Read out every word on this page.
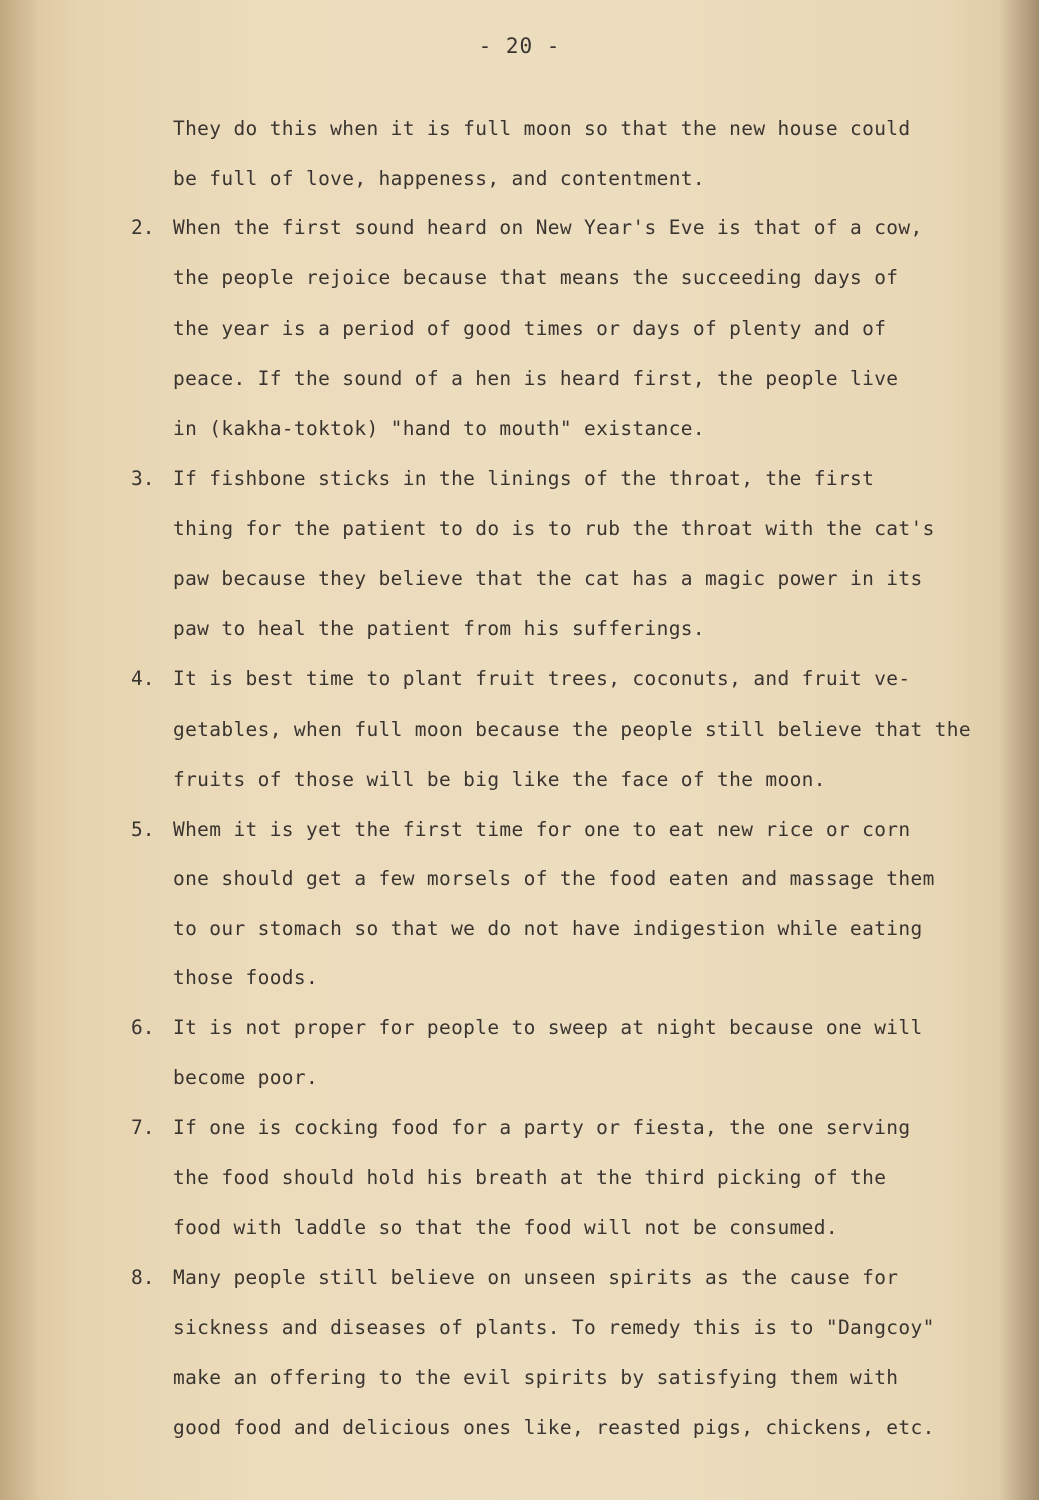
- 20 -
They do this when it is full moon so that the new house could
be full of love, happeness, and contentment.
2. When the first sound heard on New Year's Eve is that of a cow,
the people rejoice because that means the succeeding days of
the year is a period of good times or days of plenty and of
peace. If the sound of a hen is heard first, the people live
in (kakha-toktok) "hand to mouth" existance.
3. If fishbone sticks in the linings of the throat, the first
thing for the patient to do is to rub the throat with the cat's
paw because they believe that the cat has a magic power in its
paw to heal the patient from his sufferings.
4. It is best time to plant fruit trees, coconuts, and fruit ve-
getables, when full moon because the people still believe that the
fruits of those will be big like the face of the moon.
5. Whem it is yet the first time for one to eat new rice or corn
one should get a few morsels of the food eaten and massage them
to our stomach so that we do not have indigestion while eating
those foods.
6. It is not proper for people to sweep at night because one will
become poor.
7. If one is cocking food for a party or fiesta, the one serving
the food should hold his breath at the third picking of the
food with laddle so that the food will not be consumed.
8. Many people still believe on unseen spirits as the cause for
sickness and diseases of plants. To remedy this is to "Dangcoy"
make an offering to the evil spirits by satisfying them with
good food and delicious ones like, reasted pigs, chickens, etc.
